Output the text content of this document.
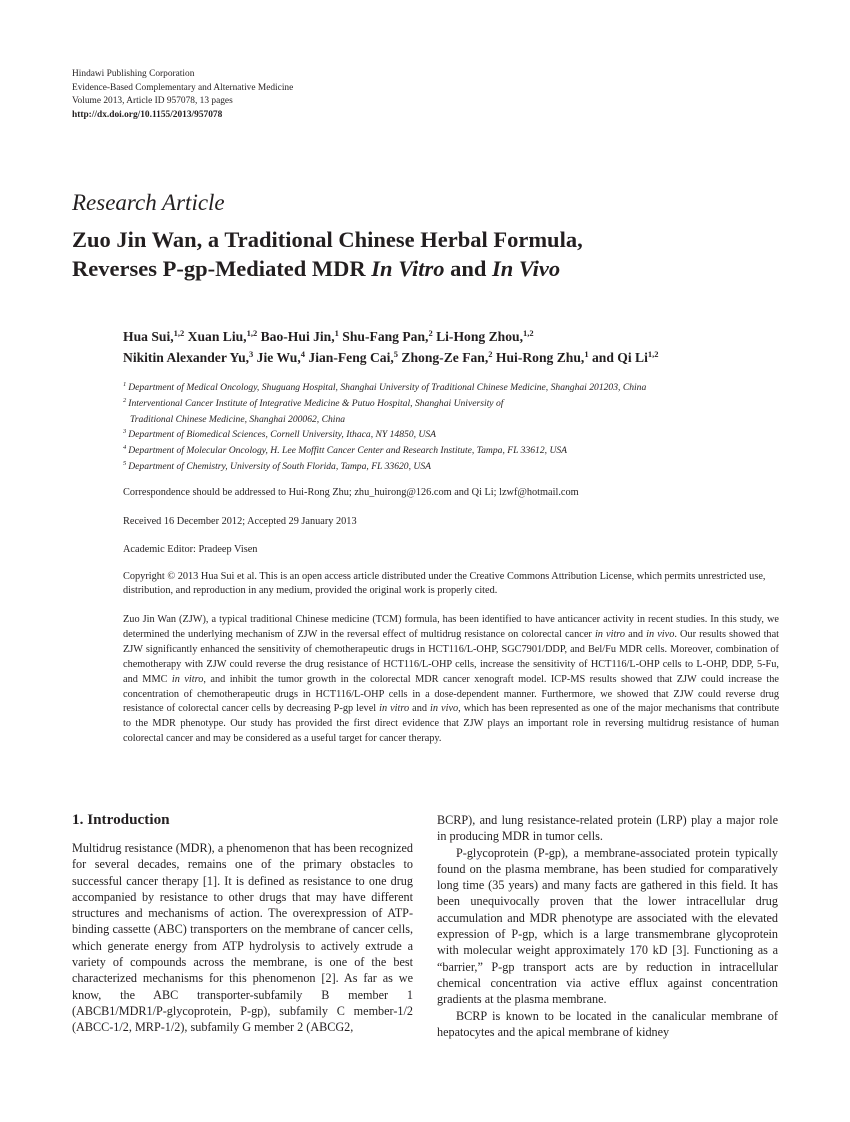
Hindawi Publishing Corporation
Evidence-Based Complementary and Alternative Medicine
Volume 2013, Article ID 957078, 13 pages
http://dx.doi.org/10.1155/2013/957078
Research Article
Zuo Jin Wan, a Traditional Chinese Herbal Formula,
Reverses P-gp-Mediated MDR In Vitro and In Vivo
Hua Sui,$^{1,2}$ Xuan Liu,$^{1,2}$ Bao-Hui Jin,$^1$ Shu-Fang Pan,$^2$ Li-Hong Zhou,$^{1,2}$
Nikitin Alexander Yu,$^3$ Jie Wu,$^4$ Jian-Feng Cai,$^5$ Zhong-Ze Fan,$^2$ Hui-Rong Zhu,$^1$ and Qi Li$^{1,2}$
$^1$ Department of Medical Oncology, Shuguang Hospital, Shanghai University of Traditional Chinese Medicine, Shanghai 201203, China
$^2$ Interventional Cancer Institute of Integrative Medicine & Putuo Hospital, Shanghai University of
Traditional Chinese Medicine, Shanghai 200062, China
$^3$ Department of Biomedical Sciences, Cornell University, Ithaca, NY 14850, USA
$^4$ Department of Molecular Oncology, H. Lee Moffitt Cancer Center and Research Institute, Tampa, FL 33612, USA
$^5$ Department of Chemistry, University of South Florida, Tampa, FL 33620, USA
Correspondence should be addressed to Hui-Rong Zhu; zhu_huirong@126.com and Qi Li; lzwf@hotmail.com
Received 16 December 2012; Accepted 29 January 2013
Academic Editor: Pradeep Visen
Copyright © 2013 Hua Sui et al. This is an open access article distributed under the Creative Commons Attribution License, which permits unrestricted use, distribution, and reproduction in any medium, provided the original work is properly cited.
Zuo Jin Wan (ZJW), a typical traditional Chinese medicine (TCM) formula, has been identified to have anticancer activity in recent studies. In this study, we determined the underlying mechanism of ZJW in the reversal effect of multidrug resistance on colorectal cancer in vitro and in vivo. Our results showed that ZJW significantly enhanced the sensitivity of chemotherapeutic drugs in HCT116/L-OHP, SGC7901/DDP, and Bel/Fu MDR cells. Moreover, combination of chemotherapy with ZJW could reverse the drug resistance of HCT116/L-OHP cells, increase the sensitivity of HCT116/L-OHP cells to L-OHP, DDP, 5-Fu, and MMC in vitro, and inhibit the tumor growth in the colorectal MDR cancer xenograft model. ICP-MS results showed that ZJW could increase the concentration of chemotherapeutic drugs in HCT116/L-OHP cells in a dose-dependent manner. Furthermore, we showed that ZJW could reverse drug resistance of colorectal cancer cells by decreasing P-gp level in vitro and in vivo, which has been represented as one of the major mechanisms that contribute to the MDR phenotype. Our study has provided the first direct evidence that ZJW plays an important role in reversing multidrug resistance of human colorectal cancer and may be considered as a useful target for cancer therapy.
1. Introduction

Multidrug resistance (MDR), a phenomenon that has been recognized for several decades, remains one of the primary obstacles to successful cancer therapy [1]. It is defined as resistance to one drug accompanied by resistance to other drugs that may have different structures and mechanisms of action. The overexpression of ATP-binding cassette (ABC) transporters on the membrane of cancer cells, which generate energy from ATP hydrolysis to actively extrude a variety of compounds across the membrane, is one of the best characterized mechanisms for this phenomenon [2]. As far as we know, the ABC transporter-subfamily B member 1 (ABCB1/MDR1/P-glycoprotein, P-gp), subfamily C member-1/2 (ABCC-1/2, MRP-1/2), subfamily G member 2 (ABCG2,

BCRP), and lung resistance-related protein (LRP) play a major role in producing MDR in tumor cells.

P-glycoprotein (P-gp), a membrane-associated protein typically found on the plasma membrane, has been studied for comparatively long time (35 years) and many facts are gathered in this field. It has been unequivocally proven that the lower intracellular drug accumulation and MDR phenotype are associated with the elevated expression of P-gp, which is a large transmembrane glycoprotein with molecular weight approximately 170 kD [3]. Functioning as a “barrier,” P-gp transport acts are by reduction in intracellular chemical concentration via active efflux against concentration gradients at the plasma membrane.

BCRP is known to be located in the canalicular membrane of hepatocytes and the apical membrane of kidney
